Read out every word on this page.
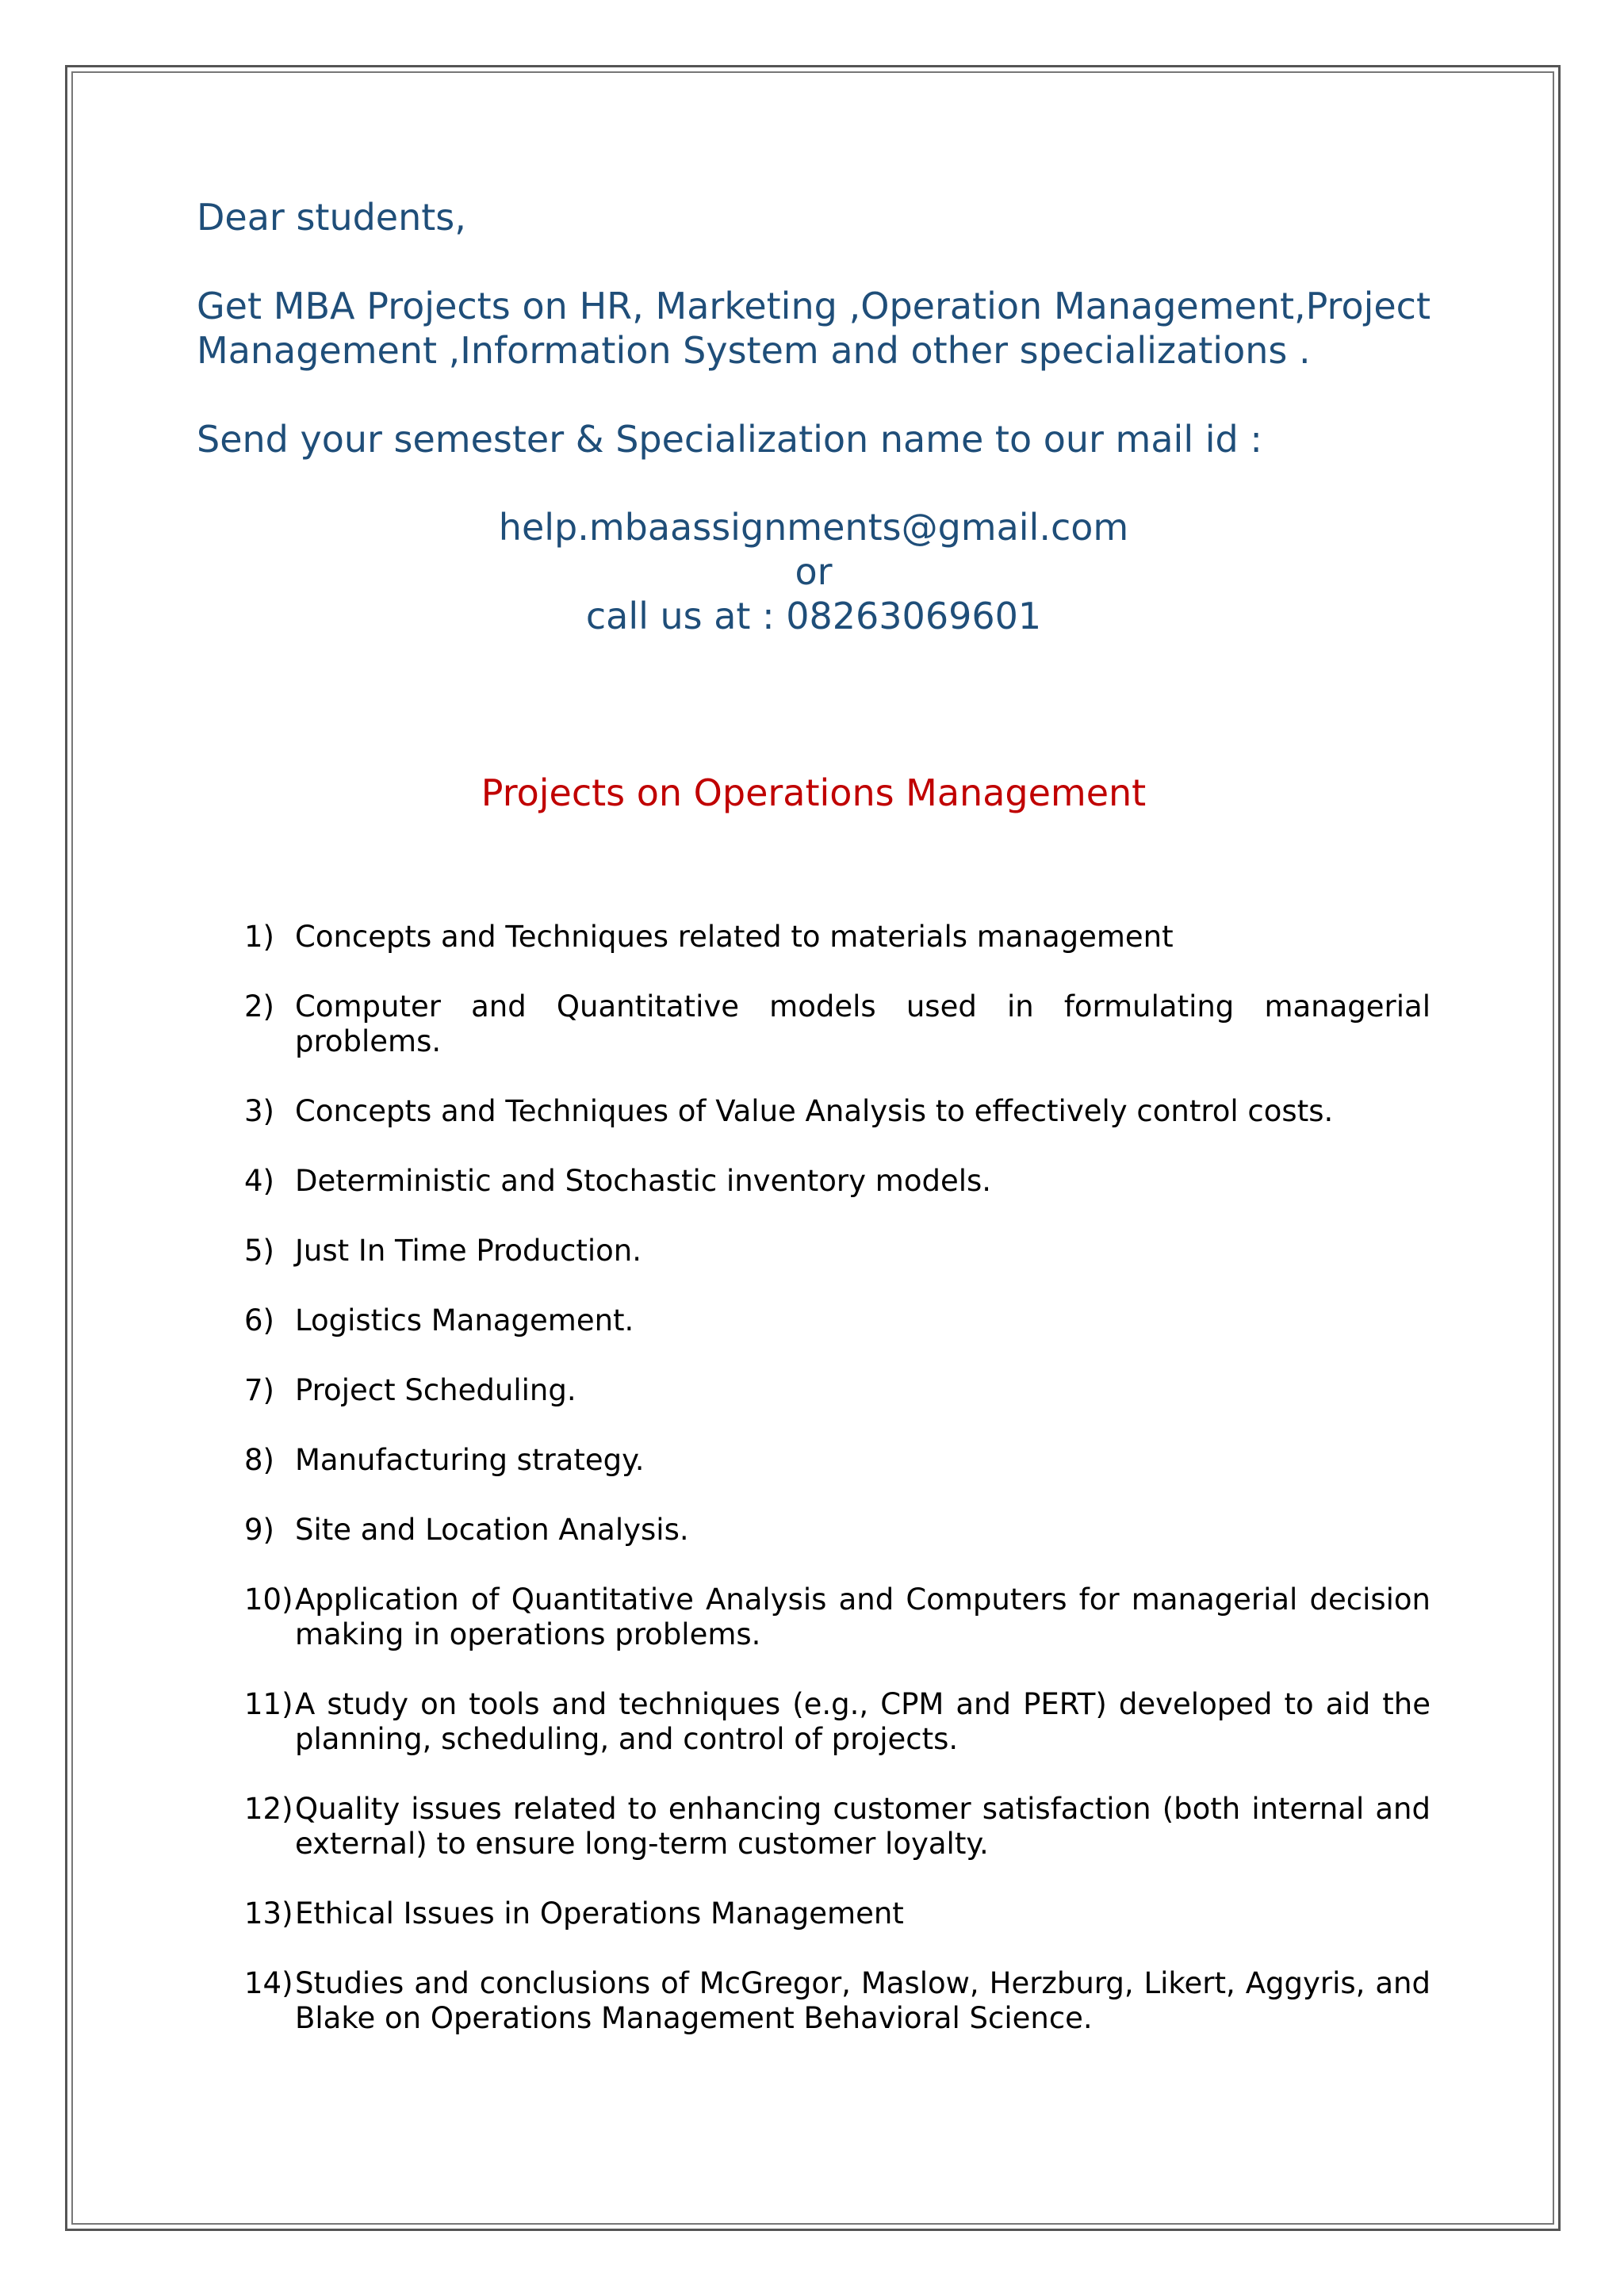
Dear students,

Get MBA Projects on HR, Marketing ,Operation Management,Project Management ,Information System and other specializations .

Send your semester & Specialization name to our mail id :

help.mbaassignments@gmail.com
or
call us at : 08263069601
Projects on Operations Management
1) Concepts and Techniques related to materials management
2) Computer and Quantitative models used in formulating managerial problems.
3) Concepts and Techniques of Value Analysis to effectively control costs.
4) Deterministic and Stochastic inventory models.
5) Just In Time Production.
6) Logistics Management.
7) Project Scheduling.
8) Manufacturing strategy.
9) Site and Location Analysis.
10) Application of Quantitative Analysis and Computers for managerial decision making in operations problems.
11) A study on tools and techniques (e.g., CPM and PERT) developed to aid the planning, scheduling, and control of projects.
12) Quality issues related to enhancing customer satisfaction (both internal and external) to ensure long-term customer loyalty.
13) Ethical Issues in Operations Management
14) Studies and conclusions of McGregor, Maslow, Herzburg, Likert, Aggyris, and Blake on Operations Management Behavioral Science.
